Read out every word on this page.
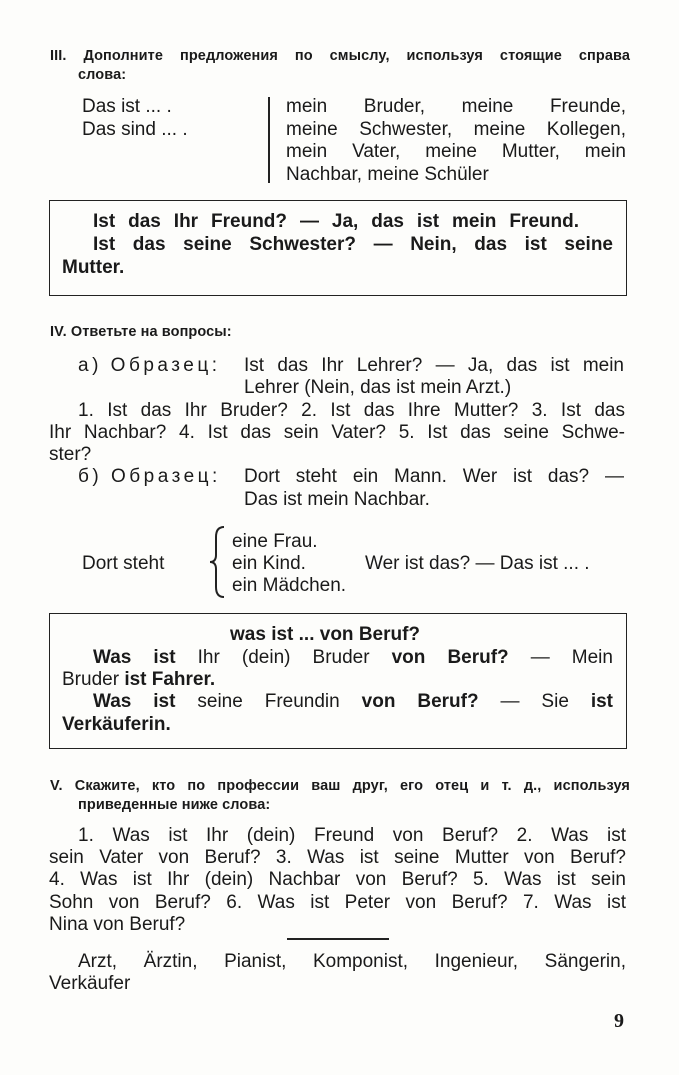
III. Дополните предложения по смыслу, используя стоящие справа
слова:
Das ist ... .
Das sind ... .
mein Bruder, meine Freunde,
meine Schwester, meine Kollegen,
mein Vater, meine Mutter, mein
Nachbar, meine Schüler
Ist das Ihr Freund? — Ja, das ist mein Freund.
Ist das seine Schwester? — Nein, das ist seine
Mutter.
IV. Ответьте на вопросы:
а) Образец: Ist das Ihr Lehrer? — Ja, das ist mein
Lehrer (Nein, das ist mein Arzt.)
1. Ist das Ihr Bruder? 2. Ist das Ihre Mutter? 3. Ist das
Ihr Nachbar? 4. Ist das sein Vater? 5. Ist das seine Schwe-
ster?
б) Образец: Dort steht ein Mann. Wer ist das? —
Das ist mein Nachbar.
Dort steht
eine Frau.
ein Kind.
ein Mädchen.
Wer ist das? — Das ist ... .
was ist ... von Beruf?
Was ist Ihr (dein) Bruder von Beruf? — Mein
Bruder ist Fahrer.
Was ist seine Freundin von Beruf? — Sie ist
Verkäuferin.
V. Скажите, кто по профессии ваш друг, его отец и т. д., используя
приведенные ниже слова:
1. Was ist Ihr (dein) Freund von Beruf? 2. Was ist
sein Vater von Beruf? 3. Was ist seine Mutter von Beruf?
4. Was ist Ihr (dein) Nachbar von Beruf? 5. Was ist sein
Sohn von Beruf? 6. Was ist Peter von Beruf? 7. Was ist
Nina von Beruf?
Arzt, Ärztin, Pianist, Komponist, Ingenieur, Sängerin,
Verkäufer
9
